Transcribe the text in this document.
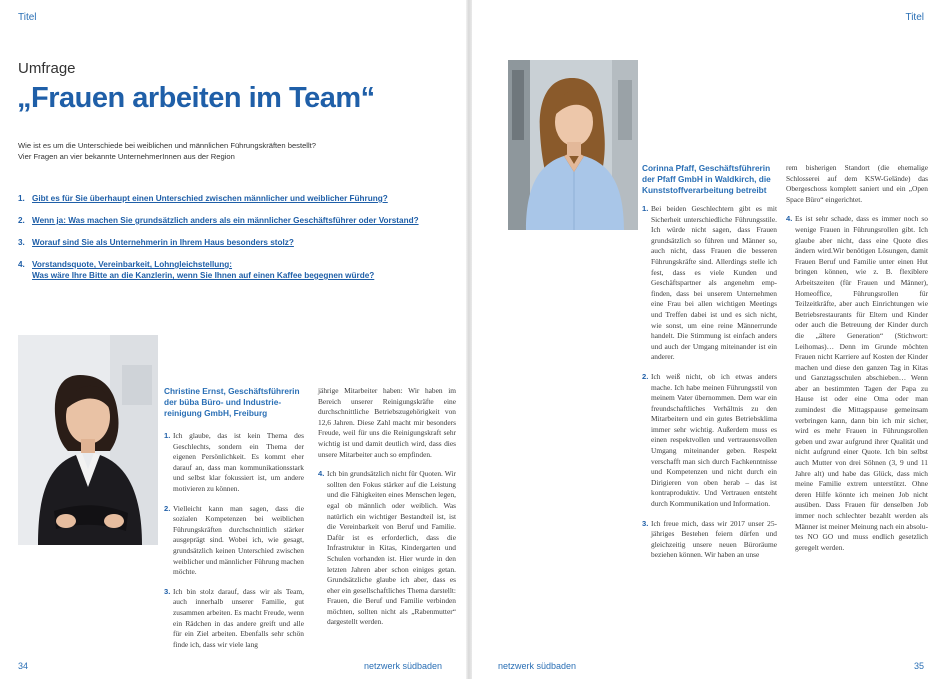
Titel
Umfrage
„Frauen arbeiten im Team“
Wie ist es um die Unterschiede bei weiblichen und männlichen Führungskräften bestellt?
Vier Fragen an vier bekannte UnternehmerInnen aus der Region
1. Gibt es für Sie überhaupt einen Unterschied zwischen männlicher und weiblicher Führung?
2. Wenn ja: Was machen Sie grundsätzlich anders als ein männlicher Geschäftsführer oder Vorstand?
3. Worauf sind Sie als Unternehmerin in Ihrem Haus besonders stolz?
4. Vorstandsquote, Vereinbarkeit, Lohngleichstellung:
Was wäre Ihre Bitte an die Kanzlerin, wenn Sie Ihnen auf einen Kaffee begegnen würde?
Christine Ernst, Geschäftsführerin der büba Büro- und Industriereinigung GmbH, Freiburg
1. Ich glaube, das ist kein Thema des Geschlechts, sondern ein Thema der eigenen Persönlichkeit. Es kommt eher darauf an, dass man kommunikationsstark und selbst klar fokussiert ist, um andere motivieren zu können.
2. Vielleicht kann man sagen, dass die sozialen Kompetenzen bei weiblichen Führungskräften durchschnittlich stärker ausgeprägt sind. Wobei ich, wie gesagt, grundsätzlich keinen Unterschied zwischen weiblicher und männlicher Führung machen möchte.
3. Ich bin stolz darauf, dass wir als Team, auch innerhalb unserer Familie, gut zusammen arbeiten. Es macht Freude, wenn ein Rädchen in das andere greift und alle für ein Ziel arbeiten. Ebenfalls sehr schön finde ich, dass wir viele lang
jährige Mitarbeiter haben: Wir haben im Bereich unserer Reinigungskräfte eine durchschnittliche Betriebszugehörigkeit von 12,6 Jahren. Diese Zahl macht mir besonders Freude, weil für uns die Reinigungskraft sehr wichtig ist und damit deutlich wird, dass dies unsere Mitarbeiter auch so empfinden.
4. Ich bin grundsätzlich nicht für Quoten. Wir sollten den Fokus stärker auf die Leistung und die Fähigkeiten eines Menschen legen, egal ob männlich oder weiblich. Was natürlich ein wichtiger Bestandteil ist, ist die Vereinbarkeit von Beruf und Familie. Dafür ist es erforderlich, dass die Infrastruktur in Kitas, Kindergarten und Schulen vorhanden ist. Hier wurde in den letzten Jahren aber schon einiges getan. Grundsätzliche glaube ich aber, dass es eher ein gesellschaftliches Thema darstellt: Frauen, die Beruf und Familie verbinden möchten, sollten nicht als „Rabenmutter“ dargestellt werden.
34	netzwerk südbaden
Titel
Corinna Pfaff, Geschäftsführerin der Pfaff GmbH in Waldkirch, die Kunststoffverarbeitung betreibt
1. Bei beiden Geschlechtern gibt es mit Sicherheit unterschiedliche Führungsstile. Ich würde nicht sagen, dass Frauen grundsätzlich so führen und Männer so, auch nicht, dass Frauen die besseren Führungskräfte sind. Allerdings stelle ich fest, dass es viele Kunden und Geschäftspartner als angenehm empfinden, dass bei unserem Unternehmen eine Frau bei allen wichtigen Meetings und Treffen dabei ist und es sich nicht, wie sonst, um eine reine Männerrunde handelt. Die Stimmung ist einfach anders und auch der Umgang miteinander ist ein anderer.
2. Ich weiß nicht, ob ich etwas anders mache. Ich habe meinen Führungsstil von meinem Vater übernommen. Dem war ein freundschaftliches Verhältnis zu den Mitarbeitern und ein gutes Betriebsklima immer sehr wichtig. Außerdem muss es einen respektvollen und vertrauensvollen Umgang miteinander geben. Respekt verschafft man sich durch Fachkenntnisse und Kompetenzen und nicht durch ein Dirigieren von oben herab – das ist kontraproduktiv. Und Vertrauen entsteht durch Kommunikation und Information.
3. Ich freue mich, dass wir 2017 unser 25-jähriges Bestehen feiern dürfen und gleichzeitig unsere neuen Büroräume beziehen können. Wir haben an unse
rem bisherigen Standort (die ehemalige Schlosserei auf dem KSW-Gelände) das Obergeschoss komplett saniert und ein „Open Space Büro“ eingerichtet.
4. Es ist sehr schade, dass es immer noch so wenige Frauen in Führungsrollen gibt. Ich glaube aber nicht, dass eine Quote dies ändern wird.Wir benötigen Lösungen, damit Frauen Beruf und Familie unter einen Hut bringen können, wie z. B. flexiblere Arbeitszeiten (für Frauen und Männer), Homeoffice, Führungsrollen für Teilzeitkräfte, aber auch Einrichtungen wie Betriebsrestaurants für Eltern und Kinder oder auch die Betreuung der Kinder durch die „ältere Generation“ (Stichwort: Leihomas)… Denn im Grunde möchten Frauen nicht Karriere auf Kosten der Kinder machen und diese den ganzen Tag in Kitas und Ganztagsschulen abschieben… Wenn aber an bestimmten Tagen der Papa zu Hause ist oder eine Oma oder man zumindest die Mittagspause gemeinsam verbringen kann, dann bin ich mir sicher, wird es mehr Frauen in Führungsrollen geben und zwar aufgrund ihrer Qualität und nicht aufgrund einer Quote. Ich bin selbst auch Mutter von drei Söhnen (3, 9 und 11 Jahre alt) und habe das Glück, dass mich meine Familie extrem unterstützt. Ohne deren Hilfe könnte ich meinen Job nicht ausüben. Dass Frauen für denselben Job immer noch schlechter bezahlt werden als Männer ist meiner Meinung nach ein absolutes NO GO und muss endlich gesetzlich geregelt werden.
netzwerk südbaden	35
